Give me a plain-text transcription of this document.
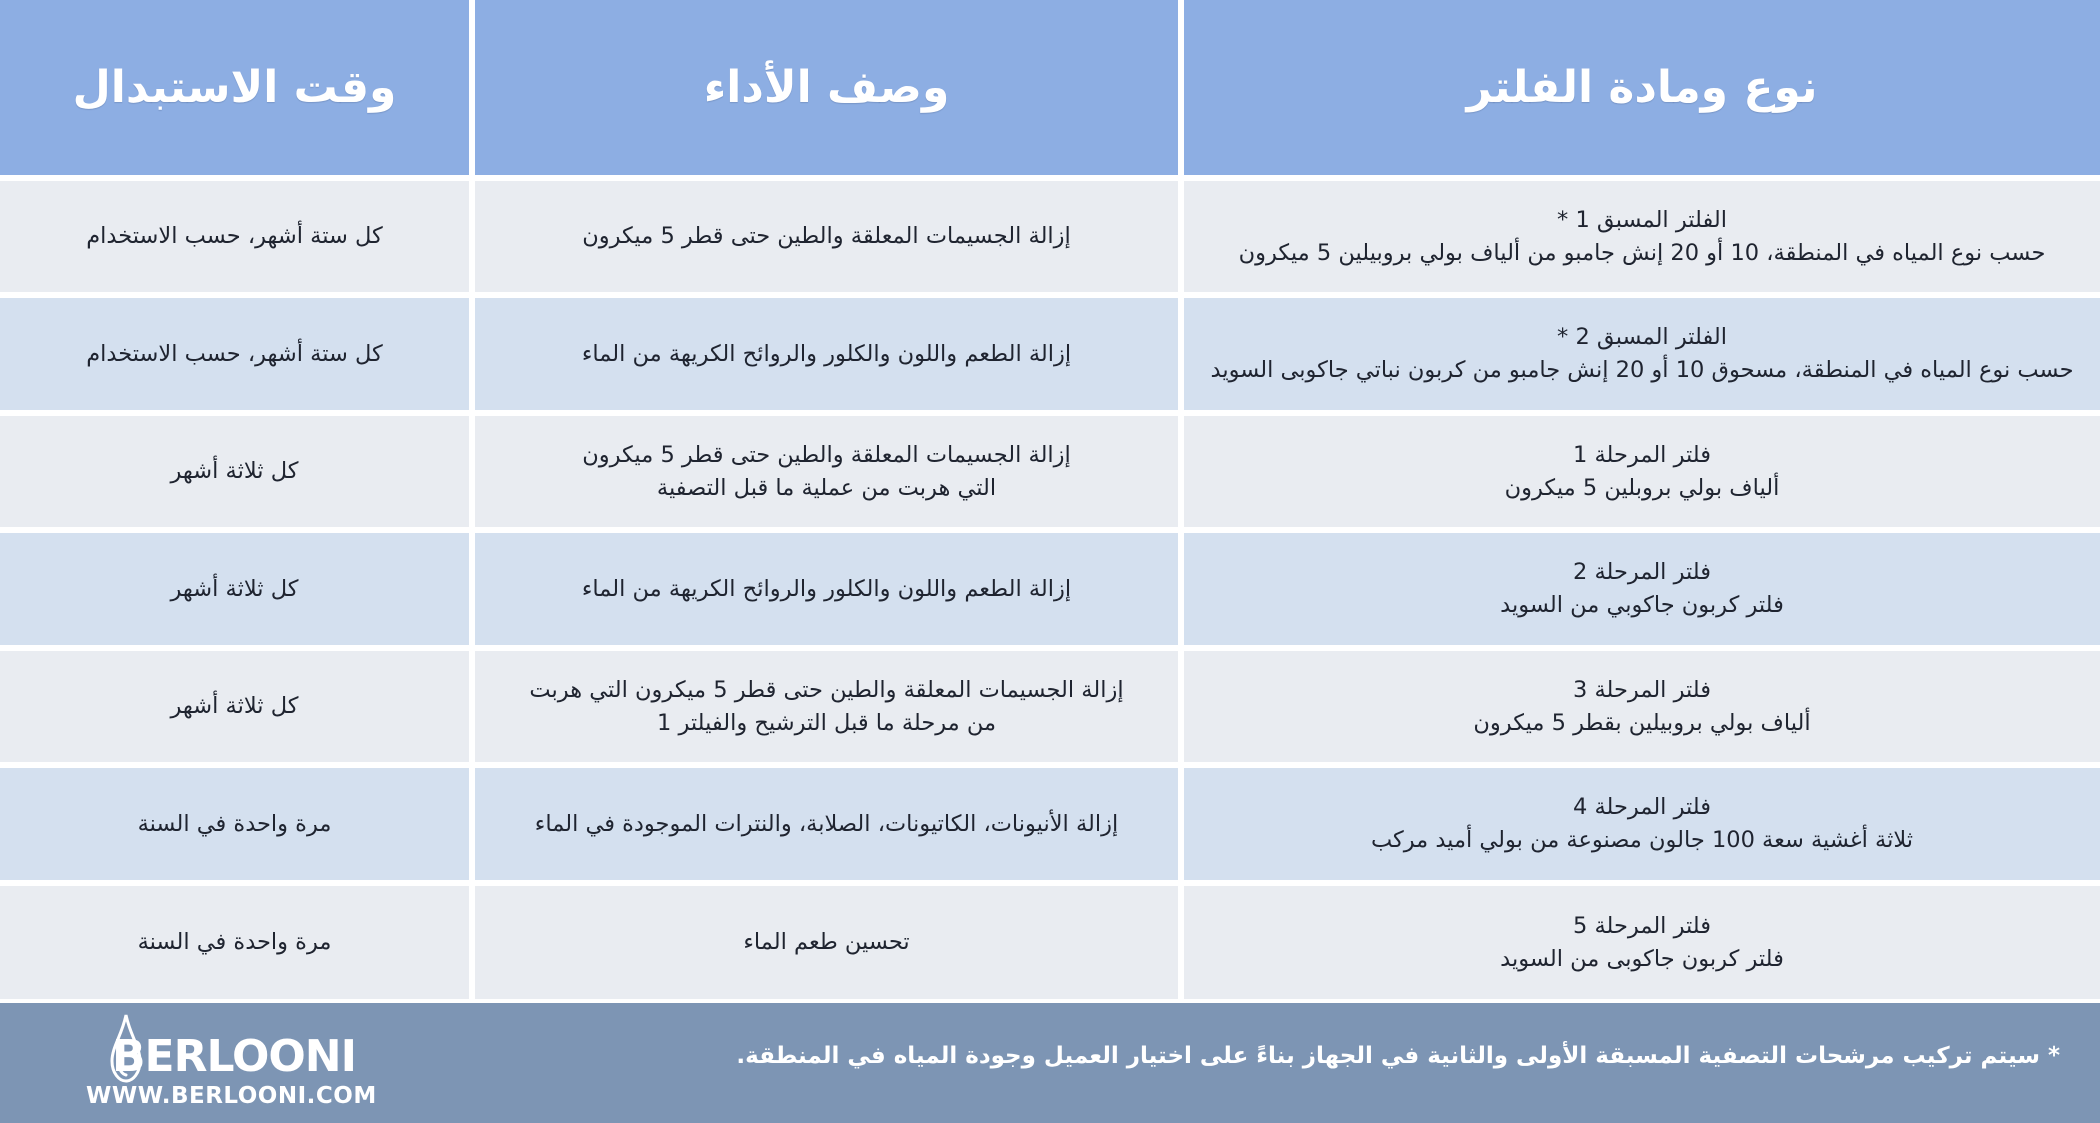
نوع ومادة الفلتر
وصف الأداء
وقت الاستبدال
الفلتر المسبق 1 *
حسب نوع المياه في المنطقة، 10 أو 20 إنش جامبو من ألياف بولي بروبيلين 5 ميكرون
إزالة الجسيمات المعلقة والطين حتى قطر 5 ميكرون
كل ستة أشهر، حسب الاستخدام
الفلتر المسبق 2 *
حسب نوع المياه في المنطقة، مسحوق 10 أو 20 إنش جامبو من كربون نباتي جاكوبى السويد
إزالة الطعم واللون والكلور والروائح الكريهة من الماء
كل ستة أشهر، حسب الاستخدام
فلتر المرحلة 1
ألياف بولي بروبلين 5 ميكرون
إزالة الجسيمات المعلقة والطين حتى قطر 5 ميكرون
التي هربت من عملية ما قبل التصفية
كل ثلاثة أشهر
فلتر المرحلة 2
فلتر كربون جاكوبي من السويد
إزالة الطعم واللون والكلور والروائح الكريهة من الماء
كل ثلاثة أشهر
فلتر المرحلة 3
ألياف بولي بروبيلين بقطر 5 ميكرون
إزالة الجسيمات المعلقة والطين حتى قطر 5 ميكرون التي هربت
من مرحلة ما قبل الترشيح والفيلتر 1
كل ثلاثة أشهر
فلتر المرحلة 4
ثلاثة أغشية سعة 100 جالون مصنوعة من بولي أميد مركب
إزالة الأنيونات، الكاتيونات، الصلابة، والنترات الموجودة في الماء
مرة واحدة في السنة
فلتر المرحلة 5
فلتر كربون جاكوبى من السويد
تحسين طعم الماء
مرة واحدة في السنة
* سيتم تركيب مرشحات التصفية المسبقة الأولى والثانية في الجهاز بناءً على اختيار العميل وجودة المياه في المنطقة.
BERLOONI
WWW.BERLOONI.COM
